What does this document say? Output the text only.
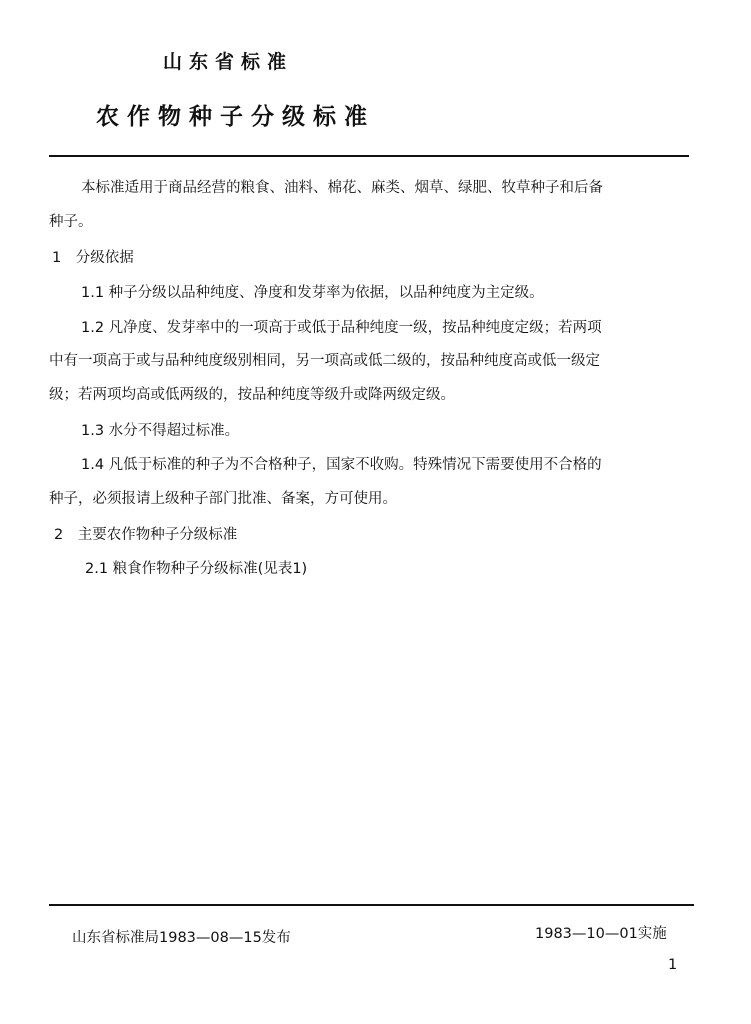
山东省标准
农作物种子分级标准
本标准适用于商品经营的粮食、油料、棉花、麻类、烟草、绿肥、牧草种子和后备
种子。
1　分级依据
1.1 种子分级以品种纯度、净度和发芽率为依据，以品种纯度为主定级。
1.2 凡净度、发芽率中的一项高于或低于品种纯度一级，按品种纯度定级；若两项
中有一项高于或与品种纯度级别相同，另一项高或低二级的，按品种纯度高或低一级定
级；若两项均高或低两级的，按品种纯度等级升或降两级定级。
1.3 水分不得超过标准。
1.4 凡低于标准的种子为不合格种子，国家不收购。特殊情况下需要使用不合格的
种子，必须报请上级种子部门批准、备案，方可使用。
2　主要农作物种子分级标准
2.1 粮食作物种子分级标准(见表1)
山东省标准局1983—08—15发布	1983—10—01实施
1
